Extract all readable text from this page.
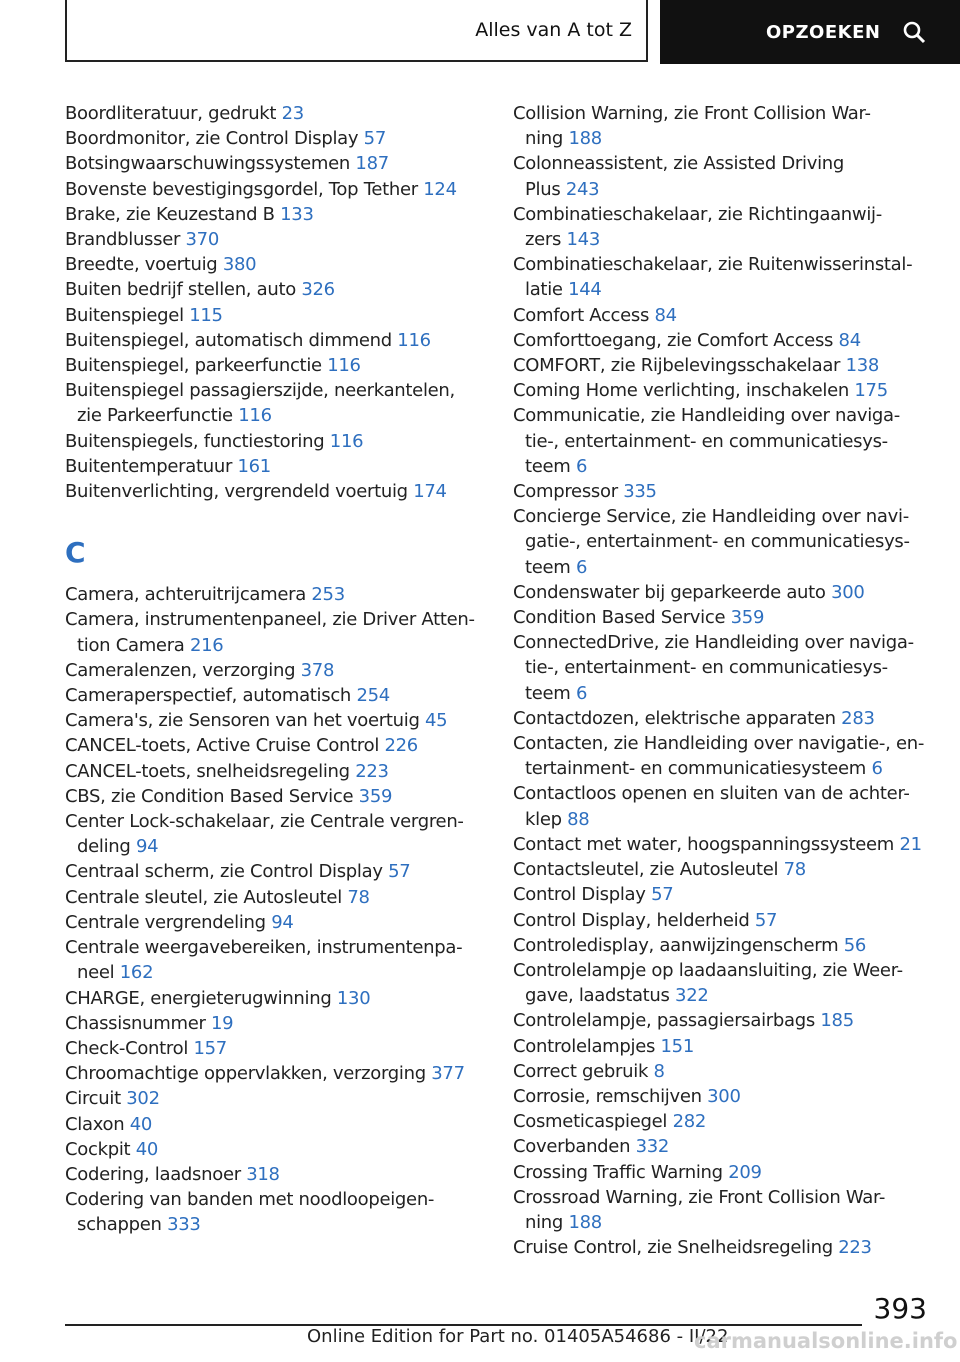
Alles van A tot Z	OPZOEKEN
Boordliteratuur, gedrukt 23
Boordmonitor, zie Control Display 57
Botsingwaarschuwingssystemen 187
Bovenste bevestigingsgordel, Top Tether 124
Brake, zie Keuzestand B 133
Brandblusser 370
Breedte, voertuig 380
Buiten bedrijf stellen, auto 326
Buitenspiegel 115
Buitenspiegel, automatisch dimmend 116
Buitenspiegel, parkeerfunctie 116
Buitenspiegel passagierszijde, neerkantelen,
zie Parkeerfunctie 116
Buitenspiegels, functiestoring 116
Buitentemperatuur 161
Buitenverlichting, vergrendeld voertuig 174
C
Camera, achteruitrijcamera 253
Camera, instrumentenpaneel, zie Driver Atten-
tion Camera 216
Cameralenzen, verzorging 378
Cameraperspectief, automatisch 254
Camera's, zie Sensoren van het voertuig 45
CANCEL-toets, Active Cruise Control 226
CANCEL-toets, snelheidsregeling 223
CBS, zie Condition Based Service 359
Center Lock-schakelaar, zie Centrale vergren-
deling 94
Centraal scherm, zie Control Display 57
Centrale sleutel, zie Autosleutel 78
Centrale vergrendeling 94
Centrale weergavebereiken, instrumentenpa-
neel 162
CHARGE, energieterugwinning 130
Chassisnummer 19
Check-Control 157
Chroomachtige oppervlakken, verzorging 377
Circuit 302
Claxon 40
Cockpit 40
Codering, laadsnoer 318
Codering van banden met noodloopeigen-
schappen 333
Collision Warning, zie Front Collision War-
ning 188
Colonneassistent, zie Assisted Driving
Plus 243
Combinatieschakelaar, zie Richtingaanwij-
zers 143
Combinatieschakelaar, zie Ruitenwisserinstal-
latie 144
Comfort Access 84
Comforttoegang, zie Comfort Access 84
COMFORT, zie Rijbelevingsschakelaar 138
Coming Home verlichting, inschakelen 175
Communicatie, zie Handleiding over naviga-
tie-, entertainment- en communicatiesys-
teem 6
Compressor 335
Concierge Service, zie Handleiding over navi-
gatie-, entertainment- en communicatiesys-
teem 6
Condenswater bij geparkeerde auto 300
Condition Based Service 359
ConnectedDrive, zie Handleiding over naviga-
tie-, entertainment- en communicatiesys-
teem 6
Contactdozen, elektrische apparaten 283
Contacten, zie Handleiding over navigatie-, en-
tertainment- en communicatiesysteem 6
Contactloos openen en sluiten van de achter-
klep 88
Contact met water, hoogspanningssysteem 21
Contactsleutel, zie Autosleutel 78
Control Display 57
Control Display, helderheid 57
Controledisplay, aanwijzingenscherm 56
Controlelampje op laadaansluiting, zie Weer-
gave, laadstatus 322
Controlelampje, passagiersairbags 185
Controlelampjes 151
Correct gebruik 8
Corrosie, remschijven 300
Cosmeticaspiegel 282
Coverbanden 332
Crossing Traffic Warning 209
Crossroad Warning, zie Front Collision War-
ning 188
Cruise Control, zie Snelheidsregeling 223
393
Online Edition for Part no. 01405A54686 - II/22
carmanualsonline.info
